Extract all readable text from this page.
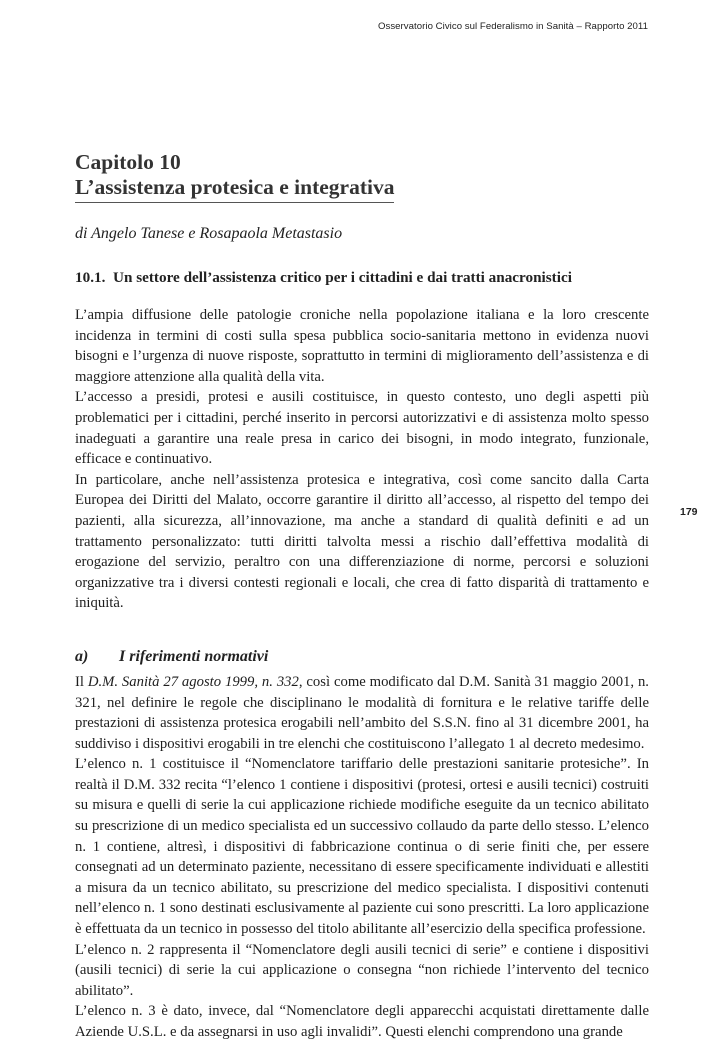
Osservatorio Civico sul Federalismo in Sanità – Rapporto 2011
179
Capitolo 10
L’assistenza protesica e integrativa

di Angelo Tanese e Rosapaola Metastasio

10.1. Un settore dell’assistenza critico per i cittadini e dai tratti anacronistici

L’ampia diffusione delle patologie croniche nella popolazione italiana e la loro crescente incidenza in termini di costi sulla spesa pubblica socio-sanitaria mettono in evidenza nuovi bisogni e l’urgenza di nuove risposte, soprattutto in termini di miglioramento dell’assistenza e di maggiore attenzione alla qualità della vita.

L’accesso a presidi, protesi e ausili costituisce, in questo contesto, uno degli aspetti più problematici per i cittadini, perché inserito in percorsi autorizzativi e di assistenza molto spesso inadeguati a garantire una reale presa in carico dei bisogni, in modo integrato, funzionale, efficace e continuativo.

In particolare, anche nell’assistenza protesica e integrativa, così come sancito dalla Carta Europea dei Diritti del Malato, occorre garantire il diritto all’accesso, al rispetto del tempo dei pazienti, alla sicurezza, all’innovazione, ma anche a standard di qualità definiti e ad un trattamento personalizzato: tutti diritti talvolta messi a rischio dall’effettiva modalità di erogazione del servizio, peraltro con una differenziazione di norme, percorsi e soluzioni organizzative tra i diversi contesti regionali e locali, che crea di fatto disparità di trattamento e iniquità.

a) I riferimenti normativi

Il D.M. Sanità 27 agosto 1999, n. 332, così come modificato dal D.M. Sanità 31 maggio 2001, n. 321, nel definire le regole che disciplinano le modalità di fornitura e le relative tariffe delle prestazioni di assistenza protesica erogabili nell’ambito del S.S.N. fino al 31 dicembre 2001, ha suddiviso i dispositivi erogabili in tre elenchi che costituiscono l’allegato 1 al decreto medesimo.

L’elenco n. 1 costituisce il “Nomenclatore tariffario delle prestazioni sanitarie protesiche”. In realtà il D.M. 332 recita “l’elenco 1 contiene i dispositivi (protesi, ortesi e ausili tecnici) costruiti su misura e quelli di serie la cui applicazione richiede modifiche eseguite da un tecnico abilitato su prescrizione di un medico specialista ed un successivo collaudo da parte dello stesso. L’elenco n. 1 contiene, altresì, i dispositivi di fabbricazione continua o di serie finiti che, per essere consegnati ad un determinato paziente, necessitano di essere specificamente individuati e allestiti a misura da un tecnico abilitato, su prescrizione del medico specialista. I dispositivi contenuti nell’elenco n. 1 sono destinati esclusivamente al paziente cui sono prescritti. La loro applicazione è effettuata da un tecnico in possesso del titolo abilitante all’esercizio della specifica professione.

L’elenco n. 2 rappresenta il “Nomenclatore degli ausili tecnici di serie” e contiene i dispositivi (ausili tecnici) di serie la cui applicazione o consegna “non richiede l’intervento del tecnico abilitato”.

L’elenco n. 3 è dato, invece, dal “Nomenclatore degli apparecchi acquistati direttamente dalle Aziende U.S.L. e da assegnarsi in uso agli invalidi”. Questi elenchi comprendono una grande
